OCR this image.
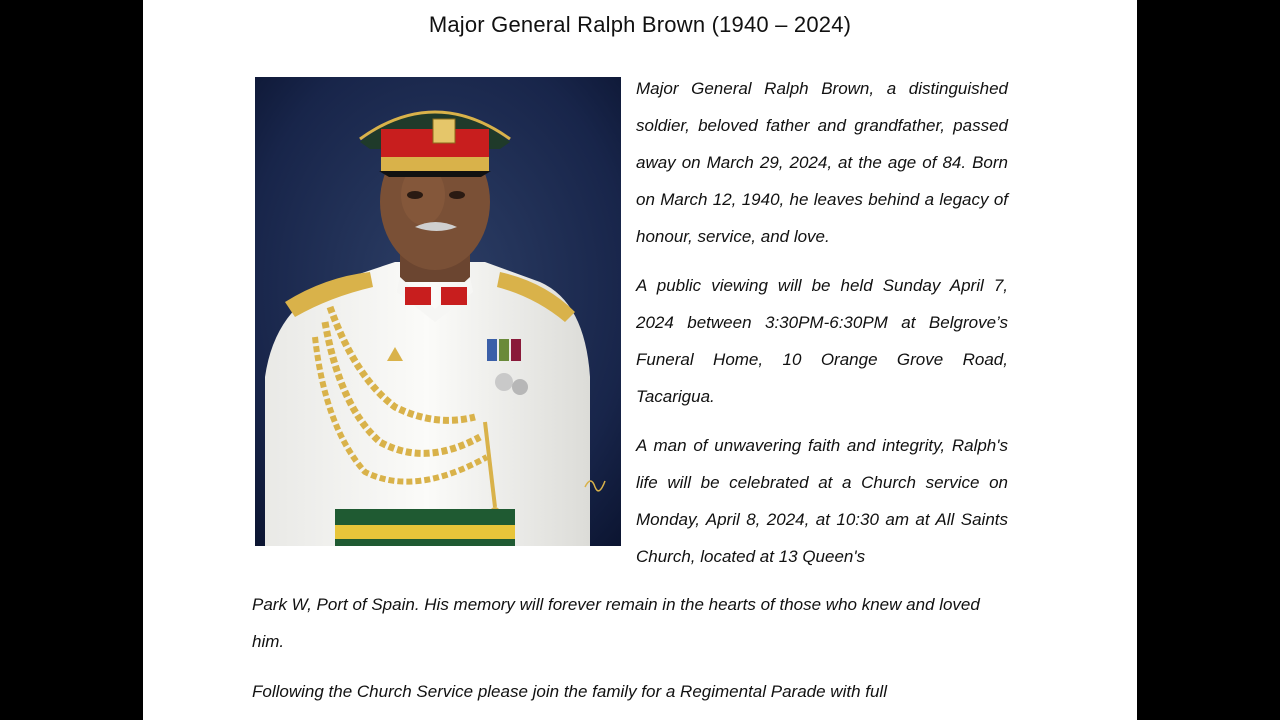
Major General Ralph Brown (1940 – 2024)
Major General Ralph Brown, a distinguished soldier, beloved father and grandfather, passed away on March 29, 2024, at the age of 84. Born on March 12, 1940, he leaves behind a legacy of honour, service, and love.
A public viewing will be held Sunday April 7, 2024 between 3:30PM-6:30PM at Belgrove’s Funeral Home, 10 Orange Grove Road, Tacarigua.
A man of unwavering faith and integrity, Ralph's life will be celebrated at a Church service on Monday, April 8, 2024, at 10:30 am at All Saints Church, located at 13 Queen's
Park W, Port of Spain. His memory will forever remain in the hearts of those who knew and loved him.
Following the Church Service please join the family for a Regimental Parade with full
